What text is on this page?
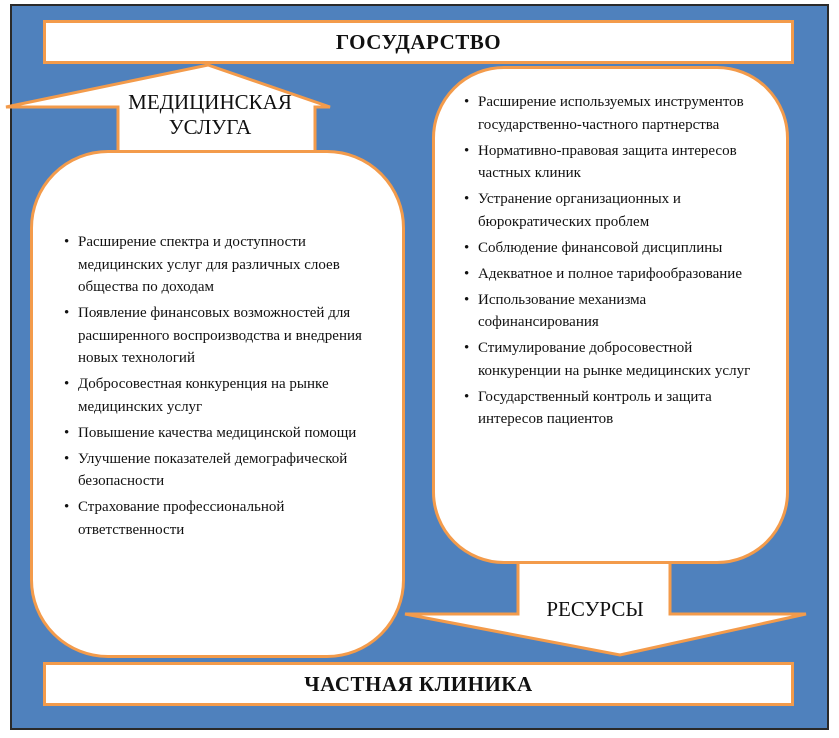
ГОСУДАРСТВО
МЕДИЦИНСКАЯ УСЛУГА
РЕСУРСЫ
• Расширение спектра и доступности медицинских услуг для различных слоев общества по доходам
• Появление финансовых возможностей для расширенного воспроизводства и внедрения новых технологий
• Добросовестная конкуренция на рынке медицинских услуг
• Повышение качества медицинской помощи
• Улучшение показателей демографической безопасности
• Страхование профессиональной ответственности
• Расширение используемых инструментов государственно-частного партнерства
• Нормативно-правовая защита интересов частных клиник
• Устранение организационных и бюрократических проблем
• Соблюдение финансовой дисциплины
• Адекватное и полное тарифообразование
• Использование механизма софинансирования
• Стимулирование добросовестной конкуренции на рынке медицинских услуг
• Государственный контроль и защита интересов пациентов
ЧАСТНАЯ КЛИНИКА
